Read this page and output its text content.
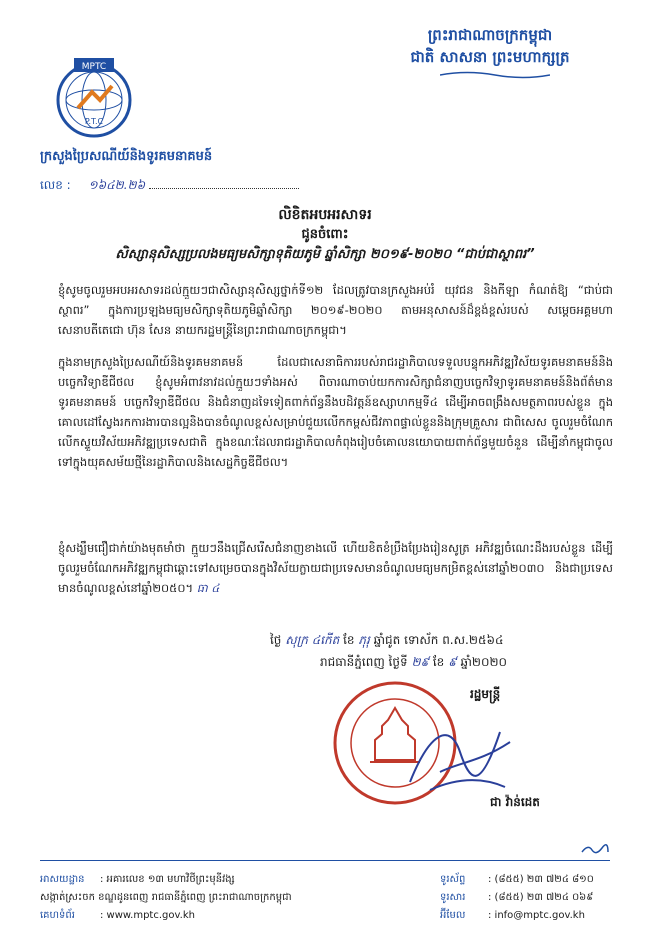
ព្រះរាជាណាចក្រកម្ពុជា
ជាតិ សាសនា ព្រះមហាក្សត្រ
MPTC
P.T.C
ក្រសួងប្រៃសណីយ៍និងទូរគមនាគមន៍
លេខ : ១៦៤២.២៦
លិខិតអបអរសាទរ
ជូនចំពោះ
សិស្សានុសិស្សប្រលងមធ្យមសិក្សាទុតិយភូមិ ឆ្នាំសិក្សា ២០១៩-២០២០ “ជាប់ជាស្ថាពរ”
ខ្ញុំសូមចូលរួមអបអរសាទរដល់ក្មួយៗជាសិស្សានុសិស្សថ្នាក់ទី១២ ដែលត្រូវបានក្រសួងអប់រំ យុវជន និងកីឡា កំណត់ឱ្យ “ជាប់ជាស្ថាពរ” ក្នុងការប្រឡងមធ្យមសិក្សាទុតិយភូមិឆ្នាំសិក្សា ២០១៩-២០២០ តាមអនុសាសន៍ដ៏ខ្ពង់ខ្ពស់របស់ សម្តេចអគ្គមហាសេនាបតីតេជោ ហ៊ុន សែន នាយករដ្ឋមន្ត្រីនៃព្រះរាជាណាចក្រកម្ពុជា។
ក្នុងនាមក្រសួងប្រៃសណីយ៍និងទូរគមនាគមន៍ ដែលជាសេនាធិការរបស់រាជរដ្ឋាភិបាលទទួលបន្ទុកអភិវឌ្ឍវិស័យទូរគមនាគមន៍និងបច្ចេកវិទ្យាឌីជីថល ខ្ញុំសូមអំពាវនាវដល់ក្មួយៗទាំងអស់ ពិចារណាចាប់យកការសិក្សាជំនាញបច្ចេកវិទ្យាទូរគមនាគមន៍និងព័ត៌មាន ទូរគមនាគមន៍ បច្ចេកវិទ្យាឌីជីថល និងជំនាញដទៃទៀតពាក់ព័ន្ធនឹងបដិវត្តន៍ឧស្សាហកម្មទី៤ ដើម្បីអាចពង្រឹងសមត្ថភាពរបស់ខ្លួន ក្នុងគោលដៅស្វែងរកការងារបានល្អនិងបានចំណូលខ្ពស់សម្រាប់ជួយលើកកម្ពស់ជីវភាពផ្ទាល់ខ្លួននិងក្រុមគ្រួសារ ជាពិសេស ចូលរួមចំណែកលើកស្ទួយវិស័យអភិវឌ្ឍប្រទេសជាតិ ក្នុងខណៈដែលរាជរដ្ឋាភិបាលកំពុងរៀបចំគោលនយោបាយពាក់ព័ន្ធមួយចំនួន ដើម្បីនាំកម្ពុជាចូលទៅក្នុងយុគសម័យថ្មីនៃរដ្ឋាភិបាលនិងសេដ្ឋកិច្ចឌីជីថល។
ខ្ញុំសង្ឃឹមជឿជាក់យ៉ាងមុតមាំថា ក្មួយៗនឹងជ្រើសរើសជំនាញខាងលើ ហើយខិតខំប្រឹងប្រែងរៀនសូត្រ អភិវឌ្ឍចំណេះដឹងរបស់ខ្លួន ដើម្បីចូលរួមចំណែកអភិវឌ្ឍកម្ពុជាឆ្ពោះទៅសម្រេចបានក្នុងវិស័យក្លាយជាប្រទេសមានចំណូលមធ្យមកម្រិតខ្ពស់នៅឆ្នាំ២០៣០ និងជាប្រទេសមានចំណូលខ្ពស់នៅឆ្នាំ២០៥០។ ធា ៤
ថ្ងៃ សុក្រ ៤កើត ខែ ភុរុ ឆ្នាំជូត ទោស័ក ព.ស.២៥៦៤
រាជធានីភ្នំពេញ ថ្ងៃទី ២៩ ខែ ៩ ឆ្នាំ២០២០
រដ្ឋមន្ត្រី
ជា វ៉ាន់ដេត
អាសយដ្ឋាន : អគារលេខ ១៣ មហាវិថីព្រះមុនីវង្ស
សង្កាត់ស្រះចក ខណ្ឌដូនពេញ រាជធានីភ្នំពេញ ព្រះរាជាណាចក្រកម្ពុជា
គេហទំព័រ	: www.mptc.gov.kh
ទូរស័ព្ទ : (៨៥៥) ២៣ ៧២៤ ៨១០
ទូរសារ : (៨៥៥) ២៣ ៧២៤ ០៦៩
អ៊ីមែល : info@mptc.gov.kh
